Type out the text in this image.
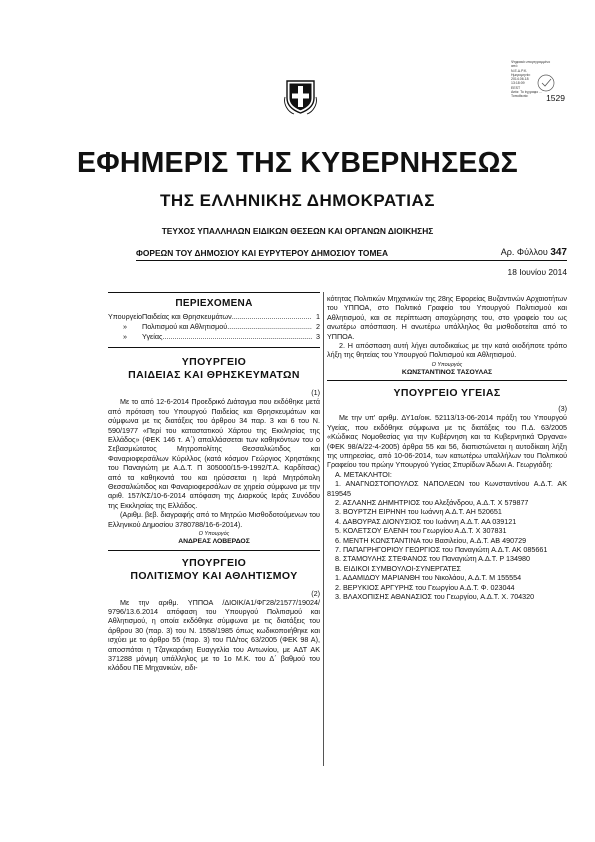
Ψηφιακά υπογεγραμμένο
από
Ν.Ε.Δ.Ρ.Κ.
Ημερομηνία:
2014.06.18
13:18:09
EEST
Αιτία: Το έγγραφο ...
Τοποθεσία:	1529
ΕΦΗΜΕΡΙΣ ΤΗΣ ΚΥΒΕΡΝΗΣΕΩΣ
ΤΗΣ ΕΛΛΗΝΙΚΗΣ ΔΗΜΟΚΡΑΤΙΑΣ
ΤΕΥΧΟΣ ΥΠΑΛΛΗΛΩΝ ΕΙΔΙΚΩΝ ΘΕΣΕΩΝ ΚΑΙ ΟΡΓΑΝΩΝ ΔΙΟΙΚΗΣΗΣ
ΦΟΡΕΩΝ ΤΟΥ ΔΗΜΟΣΙΟΥ ΚΑΙ ΕΥΡΥΤΕΡΟΥ ΔΗΜΟΣΙΟΥ ΤΟΜΕΑ	Αρ. Φύλλου 347
18 Ιουνίου 2014
ΠΕΡΙΕΧΟΜΕΝΑ
Υπουργείο Παιδείας και Θρησκευμάτων .....	1
»	Πολιτισμού και Αθλητισμού .....	2
»	Υγείας .....	3
ΥΠΟΥΡΓΕΙΟ
ΠΑΙΔΕΙΑΣ ΚΑΙ ΘΡΗΣΚΕΥΜΑΤΩΝ
(1)

Με το από 12-6-2014 Προεδρικό Διάταγμα που εκδόθηκε μετά από πρόταση του Υπουργού Παιδείας και Θρησκευμάτων και σύμφωνα με τις διατάξεις του άρθρου 34 παρ. 3 και 6 του Ν. 590/1977 «Περί του καταστατικού Χάρτου της Εκκλησίας της Ελλάδος» (ΦΕΚ 146 τ. Α΄) απαλλάσσεται των καθηκόντων του ο Σεβασμιώτατος Μητροπολίτης Θεσσαλιώτιδος και Φαναριοφερσάλων Κύριλλος (κατά κόσμον Γεώργιος Χρηστάκης του Παναγιώτη με Α.Δ.Τ. Π 305000/15-9-1992/Τ.Α. Καρδίτσας) από τα καθηκοντά του και ηρύσσεται η Ιερά Μητρόπολη Θεσσαλιώτιδος και Φαναριοφερσάλων σε χηρεία σύμφωνα με την αριθ. 157/ΚΣ/10-6-2014 απόφαση της Διαρκούς Ιεράς Συνόδου της Εκκλησίας της Ελλάδος.

(Αριθμ. βεβ. διαγραφής από το Μητρώο Μισθοδοτούμενων του Ελληνικού Δημοσίου 3780788/16-6-2014).

Ο Υπουργός
ΑΝΔΡΕΑΣ ΛΟΒΕΡΔΟΣ
ΥΠΟΥΡΓΕΙΟ
ΠΟΛΙΤΙΣΜΟΥ ΚΑΙ ΑΘΛΗΤΙΣΜΟΥ
(2)

Με την αριθμ. ΥΠΠΟΑ /ΔΙΟΙΚ/Α1/ΦΓ28/21577/19024/ 9796/13.6.2014 απόφαση του Υπουργού Πολιτισμού και Αθλητισμού, η οποία εκδόθηκε σύμφωνα με τις διατάξεις του άρθρου 30 (παρ. 3) του Ν. 1558/1985 όπως κωδικοποιήθηκε και ισχύει με το άρθρο 55 (παρ. 3) του ΠΔ/τος 63/2005 (ΦΕΚ 98 Α), αποσπάται η Τζαγκαράκη Ευαγγελία του Αντωνίου, με ΑΔΤ ΑΚ 371288 μόνιμη υπάλληλος με το 1ο Μ.Κ. του Δ΄ βαθμού του κλάδου ΠΕ Μηχανικών, ειδι-

κότητας Πολιτικών Μηχανικών της 28ης Εφορείας Βυζαντινών Αρχαιοτήτων του ΥΠΠΟΑ, στο Πολιτικό Γραφείο του Υπουργού Πολιτισμού και Αθλητισμού, και σε περίπτωση αποχώρησης του, στο γραφείο του ως ανωτέρω απόσπαση. Η ανωτέρω υπάλληλος θα μισθοδοτείται από το ΥΠΠΟΑ.

2. Η απόσπαση αυτή λήγει αυτοδικαίως με την κατά οιοδήποτε τρόπο λήξη της θητείας του Υπουργού Πολιτισμού και Αθλητισμού.

Ο Υπουργός
ΚΩΝΣΤΑΝΤΙΝΟΣ ΤΑΣΟΥΛΑΣ
ΥΠΟΥΡΓΕΙΟ ΥΓΕΙΑΣ
(3)

Με την υπ' αριθμ. ΔΥ1α/οικ. 52113/13-06-2014 πράξη του Υπουργού Υγείας, που εκδόθηκε σύμφωνα με τις διατάξεις του Π.Δ. 63/2005 «Κώδικας Νομοθεσίας για την Κυβέρνηση και τα Κυβερνητικά Όργανα» (ΦΕΚ 98/Α/22-4-2005) άρθρα 55 και 56, διαπιστώνεται η αυτοδίκαιη λήξη της υπηρεσίας, από 10-06-2014, των κατωτέρω υπαλλήλων του Πολιτικού Γραφείου του πρώην Υπουργού Υγείας Σπυρίδων Άδωνι Α. Γεωργιάδη:

Α. ΜΕΤΑΚΛΗΤΟΙ:

1. ΑΝΑΓΝΩΣΤΟΠΟΥΛΟΣ ΝΑΠΟΛΕΩΝ του Κωνσταντίνου Α.Δ.Τ. ΑΚ 819545

2. ΑΣΛΑΝΗΣ ΔΗΜΗΤΡΙΟΣ του Αλεξάνδρου, Α.Δ.Τ. Χ 579877

3. ΒΟΥΡΤΖΗ ΕΙΡΗΝΗ του Ιωάννη Α.Δ.Τ. ΑΗ 520651

4. ΔΑΒΟΥΡΑΣ ΔΙΟΝΥΣΙΟΣ του Ιωάννη Α.Δ.Τ. ΑΑ 039121

5. ΚΟΛΕΤΣΟΥ ΕΛΕΝΗ του Γεωργίου Α.Δ.Τ. Χ 307831

6. ΜΕΝΤΗ ΚΩΝΣΤΑΝΤΙΝΑ του Βασιλείου, Α.Δ.Τ. ΑΒ 490729

7. ΠΑΠΑΓΡΗΓΟΡΙΟΥ ΓΕΩΡΓΙΟΣ του Παναγιώτη Α.Δ.Τ. ΑΚ 085661

8. ΣΤΑΜΟΥΛΗΣ ΣΤΕΦΑΝΟΣ του Παναγιώτη Α.Δ.Τ. Ρ 134980

Β. ΕΙΔΙΚΟΙ ΣΥΜΒΟΥΛΟΙ-ΣΥΝΕΡΓΑΤΕΣ

1. ΑΔΑΜΙΔΟΥ ΜΑΡΙΑΝΘΗ του Νικολάου, Α.Δ.Τ. Μ 155554

2. ΒΕΡΥΚΙΟΣ ΑΡΓΥΡΗΣ του Γεωργίου Α.Δ.Τ. Φ. 023044

3. ΒΛΑΧΟΠΙΣΗΣ ΑΘΑΝΑΣΙΟΣ του Γεωργίου, Α.Δ.Τ. Χ. 704320
